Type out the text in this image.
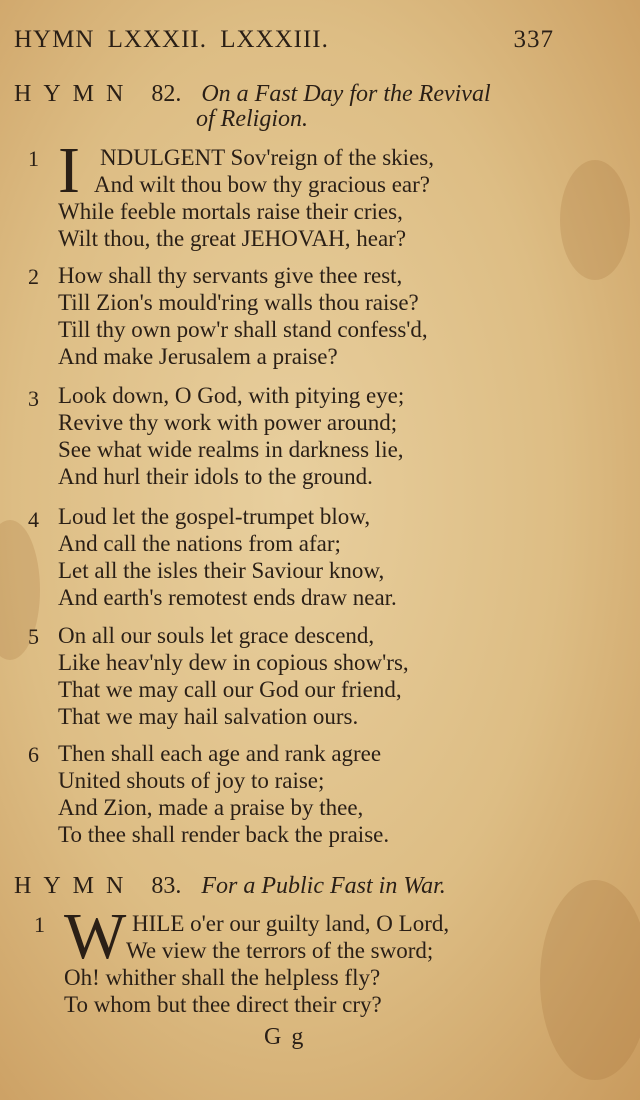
HYMN LXXXII. LXXXIII.	337
HYMN 82. On a Fast Day for the Revival
of Religion.
1 I NDULGENT Sov'reign of the skies,
And wilt thou bow thy gracious ear?
While feeble mortals raise their cries,
Wilt thou, the great JEHOVAH, hear?
2 How shall thy servants give thee rest,
Till Zion's mould'ring walls thou raise?
Till thy own pow'r shall stand confess'd,
And make Jerusalem a praise?
3 Look down, O God, with pitying eye;
Revive thy work with power around;
See what wide realms in darkness lie,
And hurl their idols to the ground.
4 Loud let the gospel-trumpet blow,
And call the nations from afar;
Let all the isles their Saviour know,
And earth's remotest ends draw near.
5 On all our souls let grace descend,
Like heav'nly dew in copious show'rs,
That we may call our God our friend,
That we may hail salvation ours.
6 Then shall each age and rank agree
United shouts of joy to raise;
And Zion, made a praise by thee,
To thee shall render back the praise.
HYMN 83. For a Public Fast in War.
1 W HILE o'er our guilty land, O Lord,
We view the terrors of the sword;
Oh! whither shall the helpless fly?
To whom but thee direct their cry?
G g
